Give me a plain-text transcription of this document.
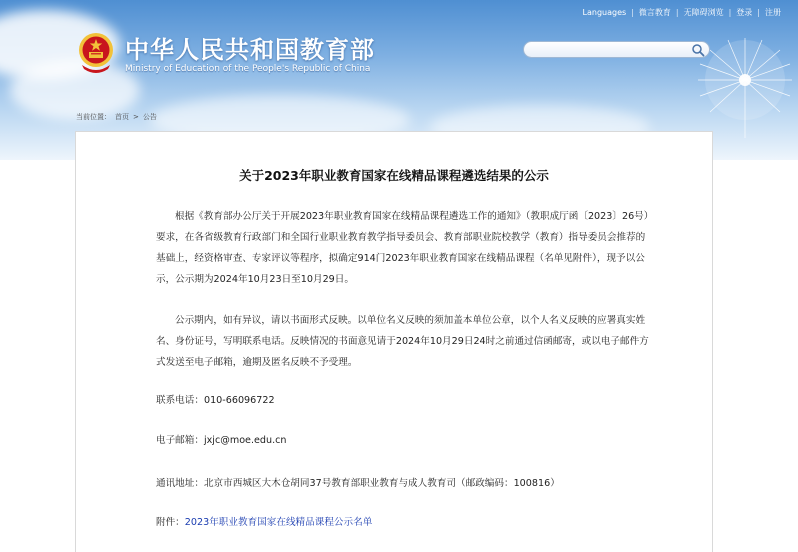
Languages | 微言教育 | 无障碍浏览 | 登录 | 注册
中华人民共和国教育部
Ministry of Education of the People's Republic of China
当前位置： 首页 > 公告
关于2023年职业教育国家在线精品课程遴选结果的公示

根据《教育部办公厅关于开展2023年职业教育国家在线精品课程遴选工作的通知》（教职成厅函〔2023〕26号）要求，在各省级教育行政部门和全国行业职业教育教学指导委员会、教育部职业院校教学（教育）指导委员会推荐的基础上，经资格审查、专家评议等程序，拟确定914门2023年职业教育国家在线精品课程（名单见附件），现予以公示，公示期为2024年10月23日至10月29日。

公示期内，如有异议，请以书面形式反映。以单位名义反映的须加盖本单位公章，以个人名义反映的应署真实姓名、身份证号，写明联系电话。反映情况的书面意见请于2024年10月29日24时之前通过信函邮寄，或以电子邮件方式发送至电子邮箱，逾期及匿名反映不予受理。

联系电话：010-66096722
电子邮箱：jxjc@moe.edu.cn
通讯地址：北京市西城区大木仓胡同37号教育部职业教育与成人教育司（邮政编码：100816）
附件：2023年职业教育国家在线精品课程公示名单
